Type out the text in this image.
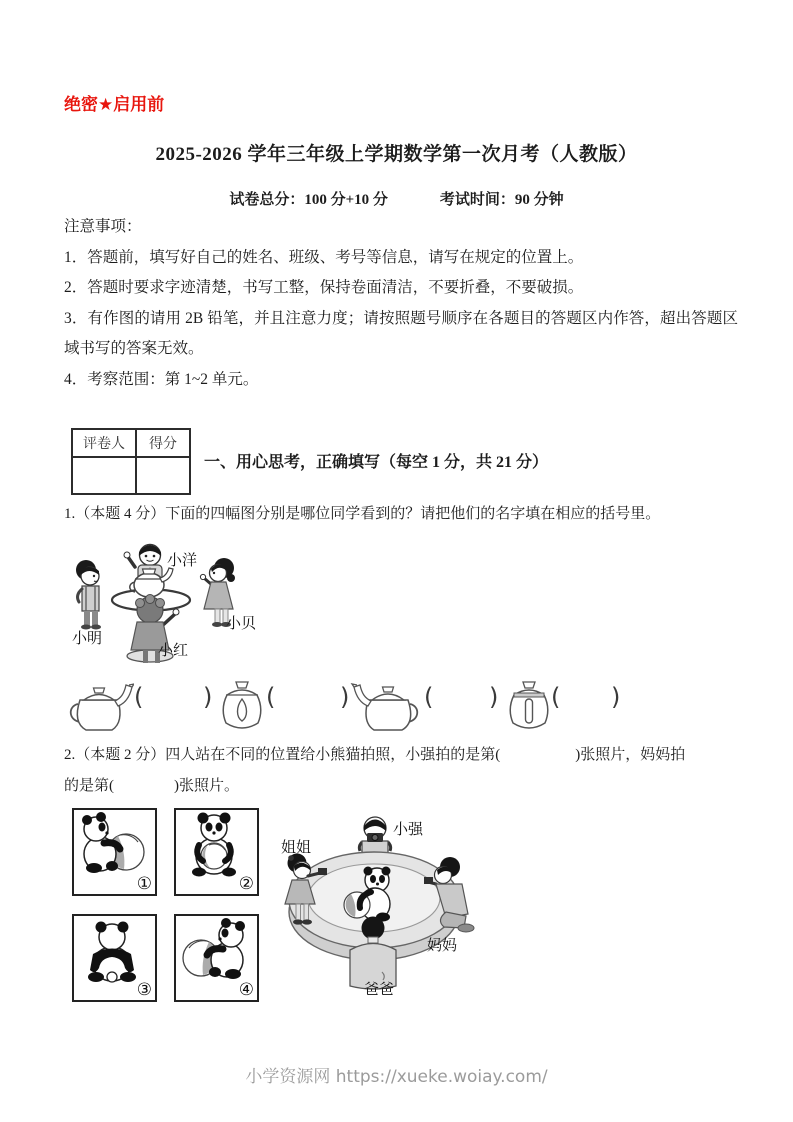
绝密★启用前
2025-2026 学年三年级上学期数学第一次月考（人教版）
试卷总分：100 分+10 分	考试时间：90 分钟

注意事项：

1．答题前，填写好自己的姓名、班级、考号等信息，请写在规定的位置上。

2．答题时要求字迹清楚，书写工整，保持卷面清洁，不要折叠，不要破损。

3．有作图的请用 2B 铅笔，并且注意力度；请按照题号顺序在各题目的答题区内作答，超出答题区域书写的答案无效。

4．考察范围：第 1~2 单元。

评卷人	得分

一、用心思考，正确填写（每空 1 分，共 21 分）
1.（本题 4 分）下面的四幅图分别是哪位同学看到的？请把他们的名字填在相应的括号里。
小洋
小明
小贝
小红
( ) (	)	( ) ( )

2.（本题 2 分）四人站在不同的位置给小熊猫拍照，小强拍的是第(　　　　　)张照片，妈妈拍

的是第(　　　　)张照片。

①	②
③	④
小强
姐姐
妈妈
爸爸
小学资源网 https://xueke.woiay.com/
